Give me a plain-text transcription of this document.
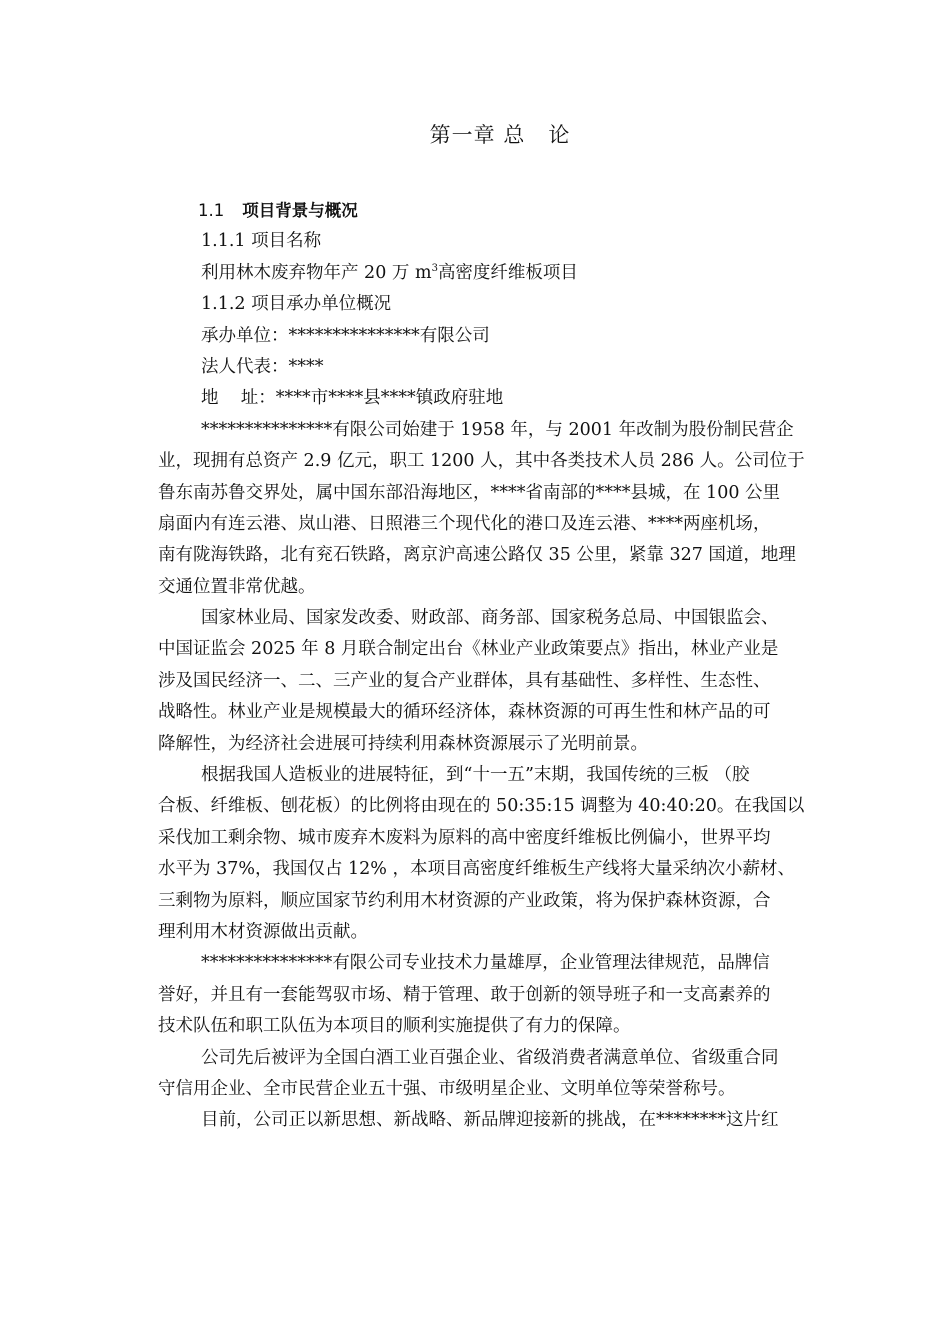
第一章 总   论
1.1 项目背景与概况
1.1.1 项目名称
利用林木废弃物年产 20 万 $m^3$高密度纤维板项目
1.1.2 项目承办单位概况
承办单位：***************有限公司
法人代表：****
地    址：****市****县****镇政府驻地
***************有限公司始建于 1958 年，与 2001 年改制为股份制民营企
业，现拥有总资产 2.9 亿元，职工 1200 人，其中各类技术人员 286 人。公司位于
鲁东南苏鲁交界处，属中国东部沿海地区，****省南部的****县城，在 100 公里
扇面内有连云港、岚山港、日照港三个现代化的港口及连云港、****两座机场，
南有陇海铁路，北有兖石铁路，离京沪高速公路仅 35 公里，紧靠 327 国道，地理
交通位置非常优越。
国家林业局、国家发改委、财政部、商务部、国家税务总局、中国银监会、
中国证监会 2025 年 8 月联合制定出台《林业产业政策要点》指出，林业产业是
涉及国民经济一、二、三产业的复合产业群体，具有基础性、多样性、生态性、
战略性。林业产业是规模最大的循环经济体，森林资源的可再生性和林产品的可
降解性，为经济社会进展可持续利用森林资源展示了光明前景。
根据我国人造板业的进展特征，到“十一五”末期，我国传统的三板 （胶
合板、纤维板、刨花板）的比例将由现在的 50:35:15 调整为 40:40:20。在我国以
采伐加工剩余物、城市废弃木废料为原料的高中密度纤维板比例偏小，世界平均
水平为 37%，我国仅占 12% ，本项目高密度纤维板生产线将大量采纳次小薪材、
三剩物为原料，顺应国家节约利用木材资源的产业政策，将为保护森林资源，合
理利用木材资源做出贡献。
***************有限公司专业技术力量雄厚，企业管理法律规范，品牌信
誉好，并且有一套能驾驭市场、精于管理、敢于创新的领导班子和一支高素养的
技术队伍和职工队伍为本项目的顺利实施提供了有力的保障。
公司先后被评为全国白酒工业百强企业、省级消费者满意单位、省级重合同
守信用企业、全市民营企业五十强、市级明星企业、文明单位等荣誉称号。
目前，公司正以新思想、新战略、新品牌迎接新的挑战，在********这片红
